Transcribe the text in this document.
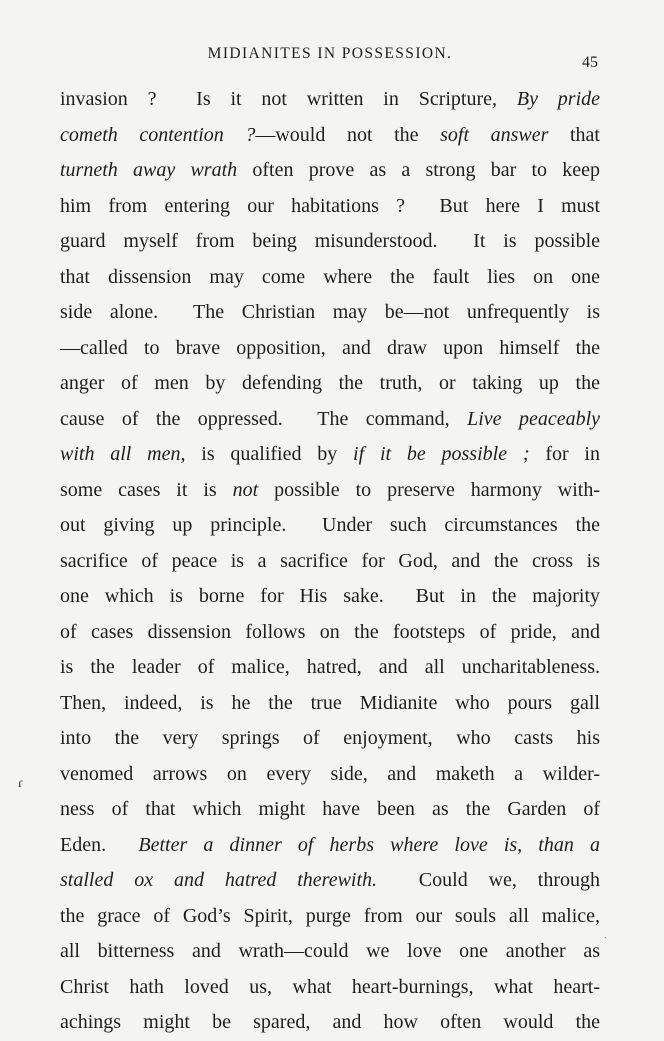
MIDIANITES IN POSSESSION.
45
invasion ?  Is it not written in Scripture, By pride
cometh contention ?—would not the soft answer that
turneth away wrath often prove as a strong bar to keep
him from entering our habitations ?  But here I must
guard myself from being misunderstood.  It is possible
that dissension may come where the fault lies on one
side alone.  The Christian may be—not unfrequently is
—called to brave opposition, and draw upon himself the
anger of men by defending the truth, or taking up the
cause of the oppressed.  The command, Live peaceably
with all men, is qualified by if it be possible ; for in
some cases it is not possible to preserve harmony with-
out giving up principle.  Under such circumstances the
sacrifice of peace is a sacrifice for God, and the cross is
one which is borne for His sake.  But in the majority
of cases dissension follows on the footsteps of pride, and
is the leader of malice, hatred, and all uncharitableness.
Then, indeed, is he the true Midianite who pours gall
into the very springs of enjoyment, who casts his
venomed arrows on every side, and maketh a wilder-
ness of that which might have been as the Garden of
Eden.  Better a dinner of herbs where love is, than a
stalled ox and hatred therewith.  Could we, through
the grace of God’s Spirit, purge from our souls all malice,
all bitterness and wrath—could we love one another as
Christ hath loved us, what heart-burnings, what heart-
achings might be spared, and how often would the
ɾ
ˎ
